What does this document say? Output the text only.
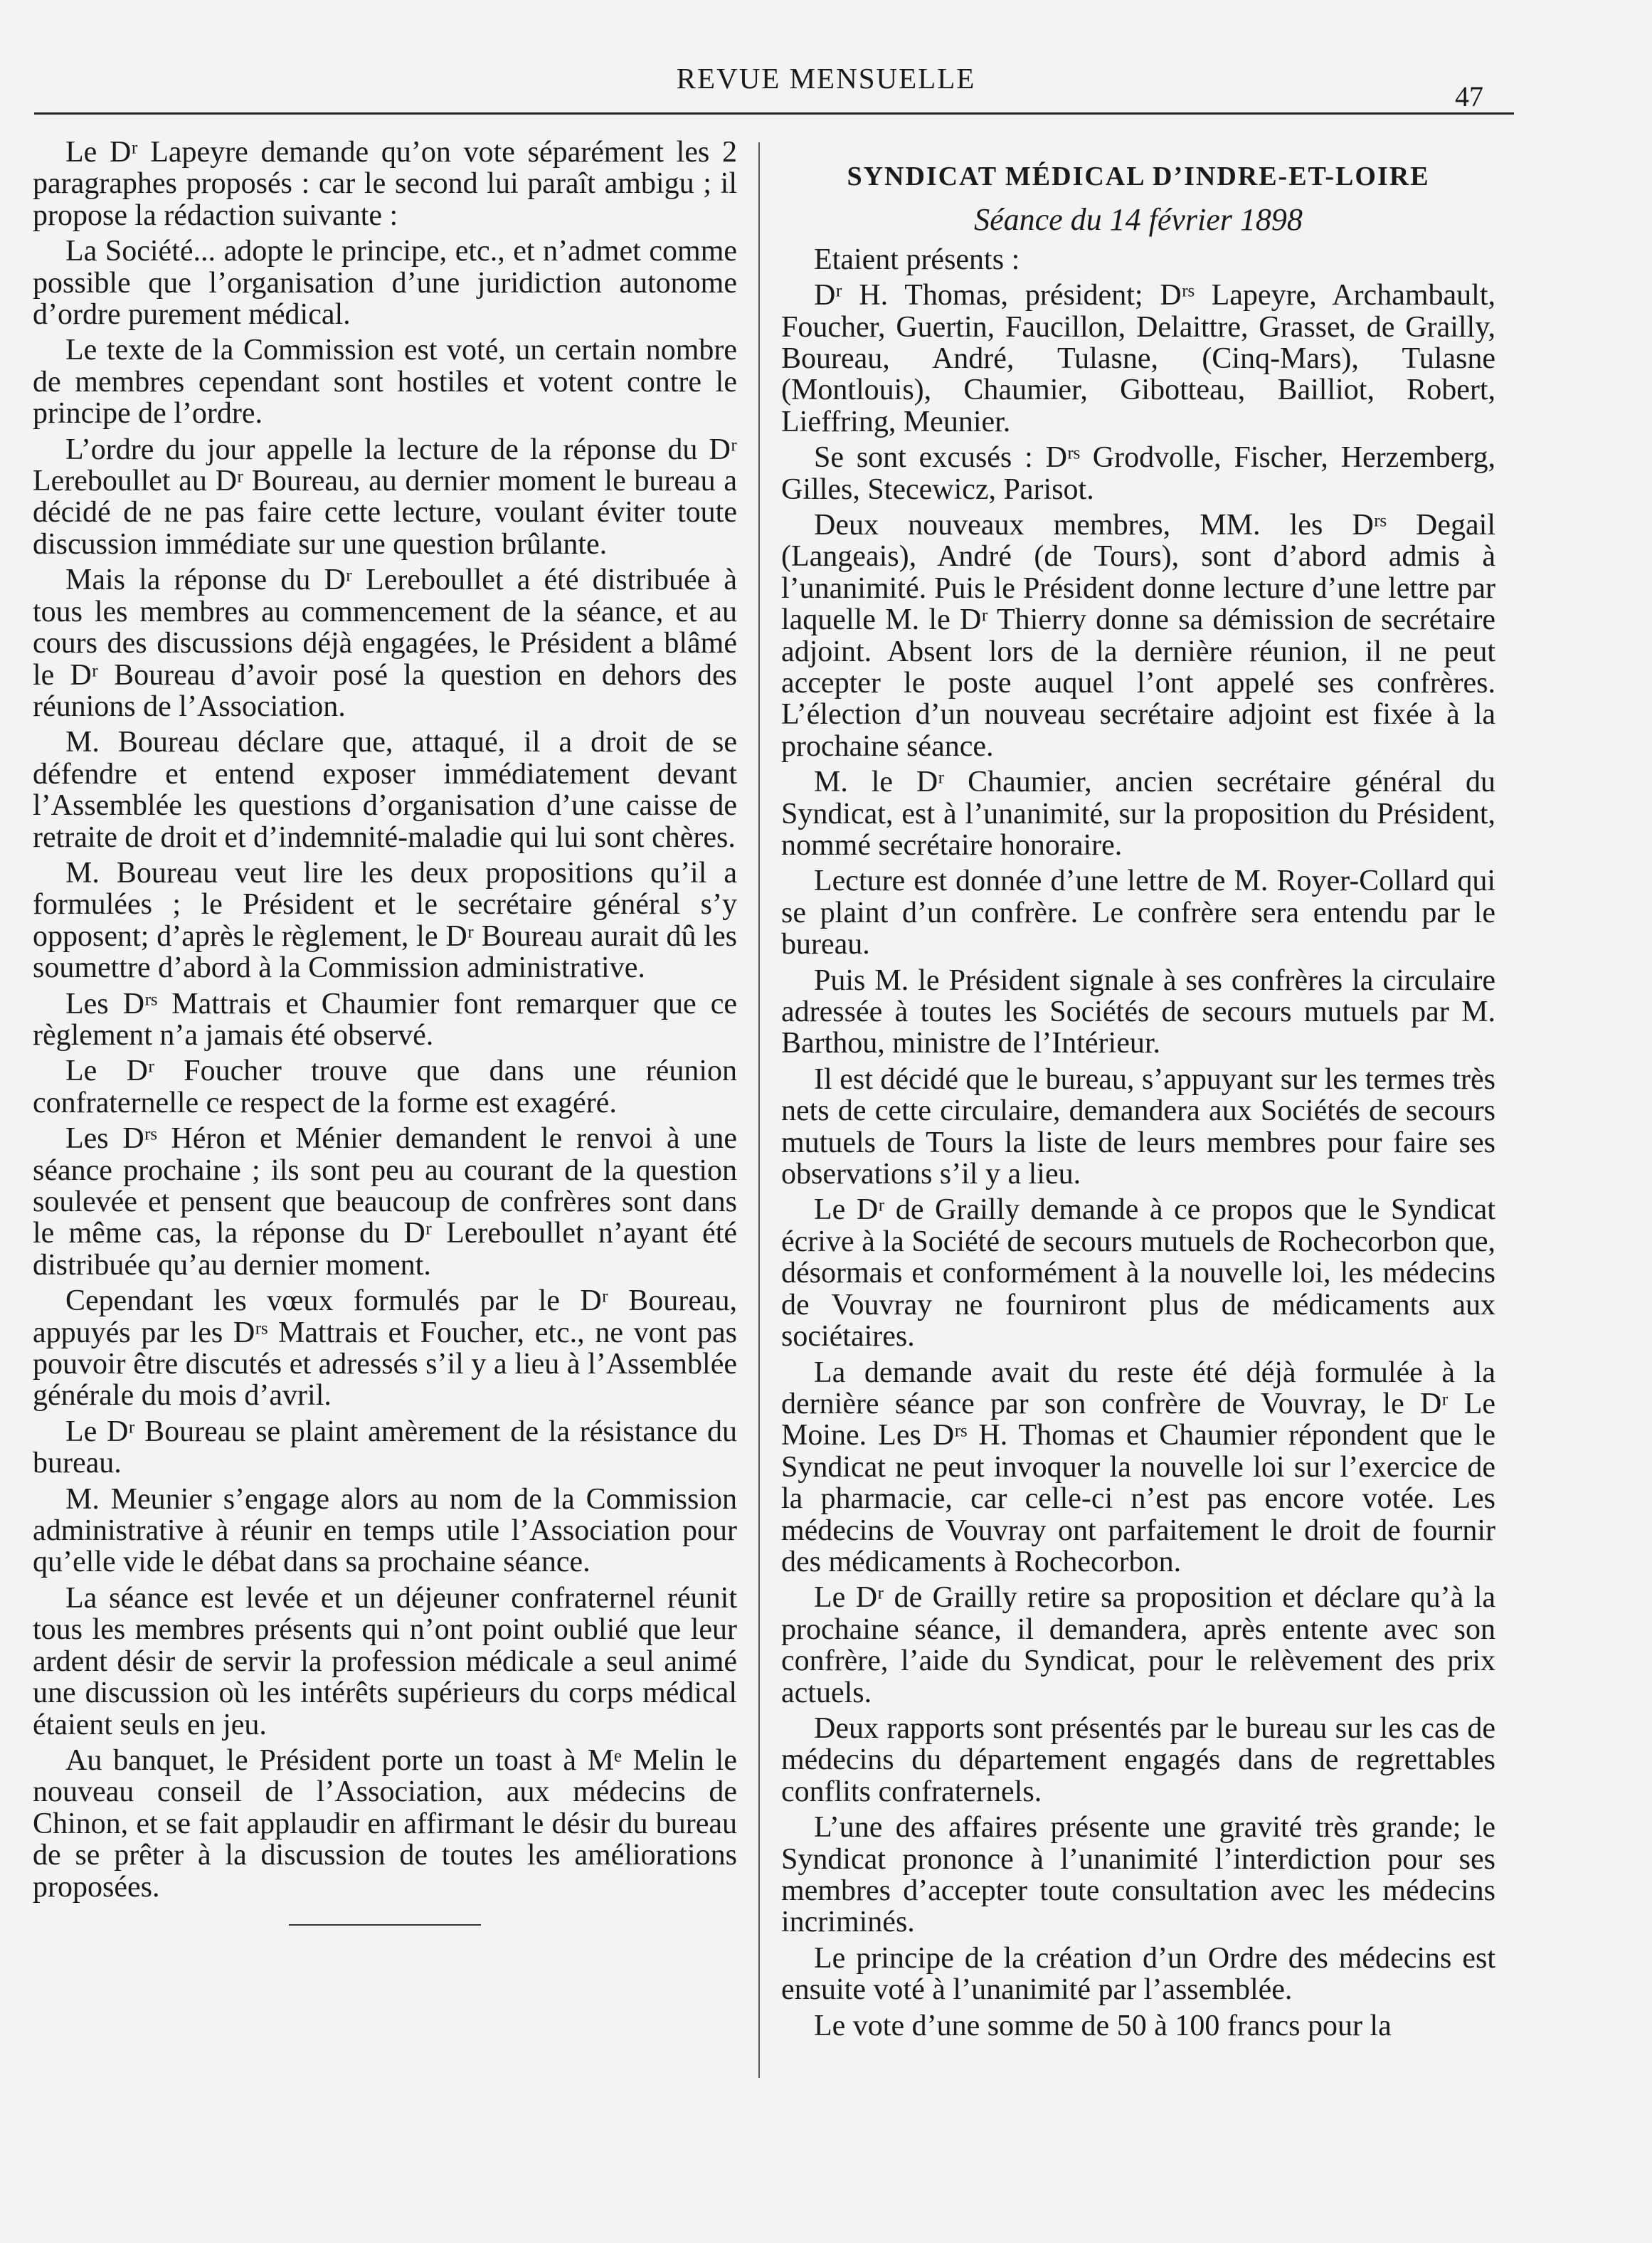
REVUE MENSUELLE
47

Le Dʳ Lapeyre demande qu’on vote séparément les 2 paragraphes proposés : car le second lui paraît ambigu ; il propose la rédaction suivante :

La Société... adopte le principe, etc., et n’admet comme possible que l’organisation d’une juridiction autonome d’ordre purement médical.

Le texte de la Commission est voté, un certain nombre de membres cependant sont hostiles et votent contre le principe de l’ordre.

L’ordre du jour appelle la lecture de la réponse du Dʳ Lereboullet au Dʳ Boureau, au dernier moment le bureau a décidé de ne pas faire cette lecture, voulant éviter toute discussion immédiate sur une question brûlante.

Mais la réponse du Dʳ Lereboullet a été distribuée à tous les membres au commencement de la séance, et au cours des discussions déjà engagées, le Président a blâmé le Dʳ Boureau d’avoir posé la question en dehors des réunions de l’Association.

M. Boureau déclare que, attaqué, il a droit de se défendre et entend exposer immédiatement devant l’Assemblée les questions d’organisation d’une caisse de retraite de droit et d’indemnité-maladie qui lui sont chères.

M. Boureau veut lire les deux propositions qu’il a formulées ; le Président et le secrétaire général s’y opposent; d’après le règlement, le Dʳ Boureau aurait dû les soumettre d’abord à la Commission administrative.

Les Dʳˢ Mattrais et Chaumier font remarquer que ce règlement n’a jamais été observé.

Le Dʳ Foucher trouve que dans une réunion confraternelle ce respect de la forme est exagéré.

Les Dʳˢ Héron et Ménier demandent le renvoi à une séance prochaine ; ils sont peu au courant de la question soulevée et pensent que beaucoup de confrères sont dans le même cas, la réponse du Dʳ Lereboullet n’ayant été distribuée qu’au dernier moment.

Cependant les vœux formulés par le Dʳ Boureau, appuyés par les Dʳˢ Mattrais et Foucher, etc., ne vont pas pouvoir être discutés et adressés s’il y a lieu à l’Assemblée générale du mois d’avril.

Le Dʳ Boureau se plaint amèrement de la résistance du bureau.

M. Meunier s’engage alors au nom de la Commission administrative à réunir en temps utile l’Association pour qu’elle vide le débat dans sa prochaine séance.

La séance est levée et un déjeuner confraternel réunit tous les membres présents qui n’ont point oublié que leur ardent désir de servir la profession médicale a seul animé une discussion où les intérêts supérieurs du corps médical étaient seuls en jeu.

Au banquet, le Président porte un toast à Mᵉ Melin le nouveau conseil de l’Association, aux médecins de Chinon, et se fait applaudir en affirmant le désir du bureau de se prêter à la discussion de toutes les améliorations proposées.

SYNDICAT MÉDICAL D’INDRE-ET-LOIRE
Séance du 14 février 1898

Etaient présents :

Dʳ H. Thomas, président; Dʳˢ Lapeyre, Archambault, Foucher, Guertin, Faucillon, Delaittre, Grasset, de Grailly, Boureau, André, Tulasne, (Cinq-Mars), Tulasne (Montlouis), Chaumier, Gibotteau, Bailliot, Robert, Lieffring, Meunier.

Se sont excusés : Dʳˢ Grodvolle, Fischer, Herzemberg, Gilles, Stecewicz, Parisot.

Deux nouveaux membres, MM. les Dʳˢ Degail (Langeais), André (de Tours), sont d’abord admis à l’unanimité. Puis le Président donne lecture d’une lettre par laquelle M. le Dʳ Thierry donne sa démission de secrétaire adjoint. Absent lors de la dernière réunion, il ne peut accepter le poste auquel l’ont appelé ses confrères. L’élection d’un nouveau secrétaire adjoint est fixée à la prochaine séance.

M. le Dʳ Chaumier, ancien secrétaire général du Syndicat, est à l’unanimité, sur la proposition du Président, nommé secrétaire honoraire.

Lecture est donnée d’une lettre de M. Royer-Collard qui se plaint d’un confrère. Le confrère sera entendu par le bureau.

Puis M. le Président signale à ses confrères la circulaire adressée à toutes les Sociétés de secours mutuels par M. Barthou, ministre de l’Intérieur.

Il est décidé que le bureau, s’appuyant sur les termes très nets de cette circulaire, demandera aux Sociétés de secours mutuels de Tours la liste de leurs membres pour faire ses observations s’il y a lieu.

Le Dʳ de Grailly demande à ce propos que le Syndicat écrive à la Société de secours mutuels de Rochecorbon que, désormais et conformément à la nouvelle loi, les médecins de Vouvray ne fourniront plus de médicaments aux sociétaires.

La demande avait du reste été déjà formulée à la dernière séance par son confrère de Vouvray, le Dʳ Le Moine. Les Dʳˢ H. Thomas et Chaumier répondent que le Syndicat ne peut invoquer la nouvelle loi sur l’exercice de la pharmacie, car celle-ci n’est pas encore votée. Les médecins de Vouvray ont parfaitement le droit de fournir des médicaments à Rochecorbon.

Le Dʳ de Grailly retire sa proposition et déclare qu’à la prochaine séance, il demandera, après entente avec son confrère, l’aide du Syndicat, pour le relèvement des prix actuels.

Deux rapports sont présentés par le bureau sur les cas de médecins du département engagés dans de regrettables conflits confraternels.

L’une des affaires présente une gravité très grande; le Syndicat prononce à l’unanimité l’interdiction pour ses membres d’accepter toute consultation avec les médecins incriminés.

Le principe de la création d’un Ordre des médecins est ensuite voté à l’unanimité par l’assemblée.

Le vote d’une somme de 50 à 100 francs pour la
